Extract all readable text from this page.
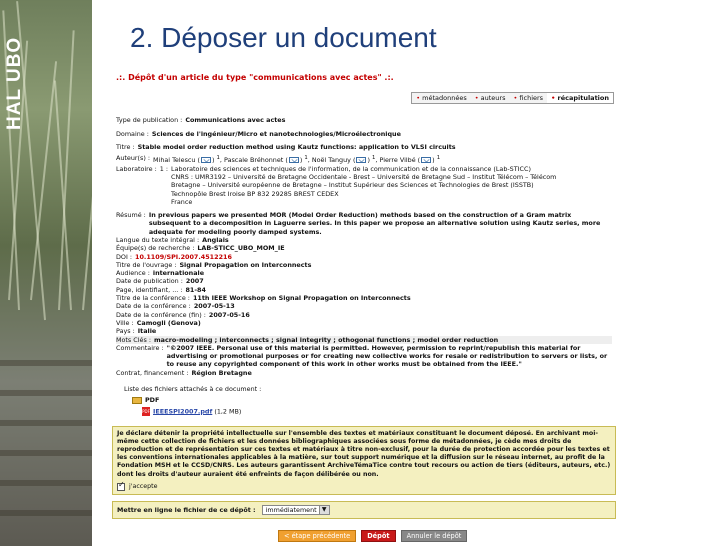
HAL UBO	2. Déposer un document
.:. Dépôt d'un article du type "communications avec actes" .:.
• métadonnées	• auteurs	• fichiers	• récapitulation
Type de publication : Communications avec actes
Domaine : Sciences de l'ingénieur/Micro et nanotechnologies/Microélectronique
Titre : Stable model order reduction method using Kautz functions: application to VLSI circuits
Auteur(s) : Mihai Telescu ( ) $^1$, Pascale Bréhonnet ( ) $^1$, Noël Tanguy ( ) $^1$, Pierre Vilbé ( ) $^1$
Laboratoire : 1 : Laboratoire des sciences et techniques de l'information, de la communication et de la connaissance (Lab-STICC)
CNRS : UMR3192 – Université de Bretagne Occidentale - Brest – Université de Bretagne Sud – Institut Télécom – Télécom
Bretagne – Université européenne de Bretagne – Institut Supérieur des Sciences et Technologies de Brest (ISSTB)
Technopôle Brest Iroise BP 832 29285 BREST CEDEX
France
Résumé : In previous papers we presented MOR (Model Order Reduction) methods based on the construction of a Gram matrix subsequent to a decomposition in Laguerre series. In this paper we propose an alternative solution using Kautz series, more adequate for modeling poorly damped systems.
Langue du texte intégral : Anglais
Équipe(s) de recherche : LAB-STICC_UBO_MOM_IE
DOI : 10.1109/SPI.2007.4512216
Titre de l'ouvrage : Signal Propagation on Interconnects
Audience : internationale
Date de publication : 2007
Page, identifiant, ... : 81-84
Titre de la conférence : 11th IEEE Workshop on Signal Propagation on Interconnects
Date de la conférence : 2007-05-13
Date de la conférence (fin) : 2007-05-16
Ville : Camogli (Genova)
Pays : Italie
Mots Clés : macro-modeling ; interconnects ; signal integrity ; othogonal functions ; model order reduction
Commentaire : "©2007 IEEE. Personal use of this material is permitted. However, permission to reprint/republish this material for advertising or promotional purposes or for creating new collective works for resale or redistribution to servers or lists, or to reuse any copyrighted component of this work in other works must be obtained from the IEEE."
Contrat, financement : Région Bretagne
Liste des fichiers attachés à ce document :
PDF
PDF IEEESPI2007.pdf (1,2 MB)
Je déclare détenir la propriété intellectuelle sur l'ensemble des textes et matériaux constituant le document déposé. En archivant moi-même cette collection de fichiers et les données bibliographiques associées sous forme de métadonnées, je cède mes droits de reproduction et de représentation sur ces textes et matériaux à titre non-exclusif, pour la durée de protection accordée pour les textes et les conventions internationales applicables à la matière, sur tout support numérique et la diffusion sur le réseau internet, au profit de la Fondation MSH et le CCSD/CNRS. Les auteurs garantissent ArchiveTémaTice contre tout recours ou action de tiers (éditeurs, auteurs, etc.) dont les droits d'auteur auraient été enfreints de façon délibérée ou non.
✓
j'accepte
Mettre en ligne le fichier de ce dépôt :	immédiatement ▼
< étape précédente	Dépôt	Annuler le dépôt
